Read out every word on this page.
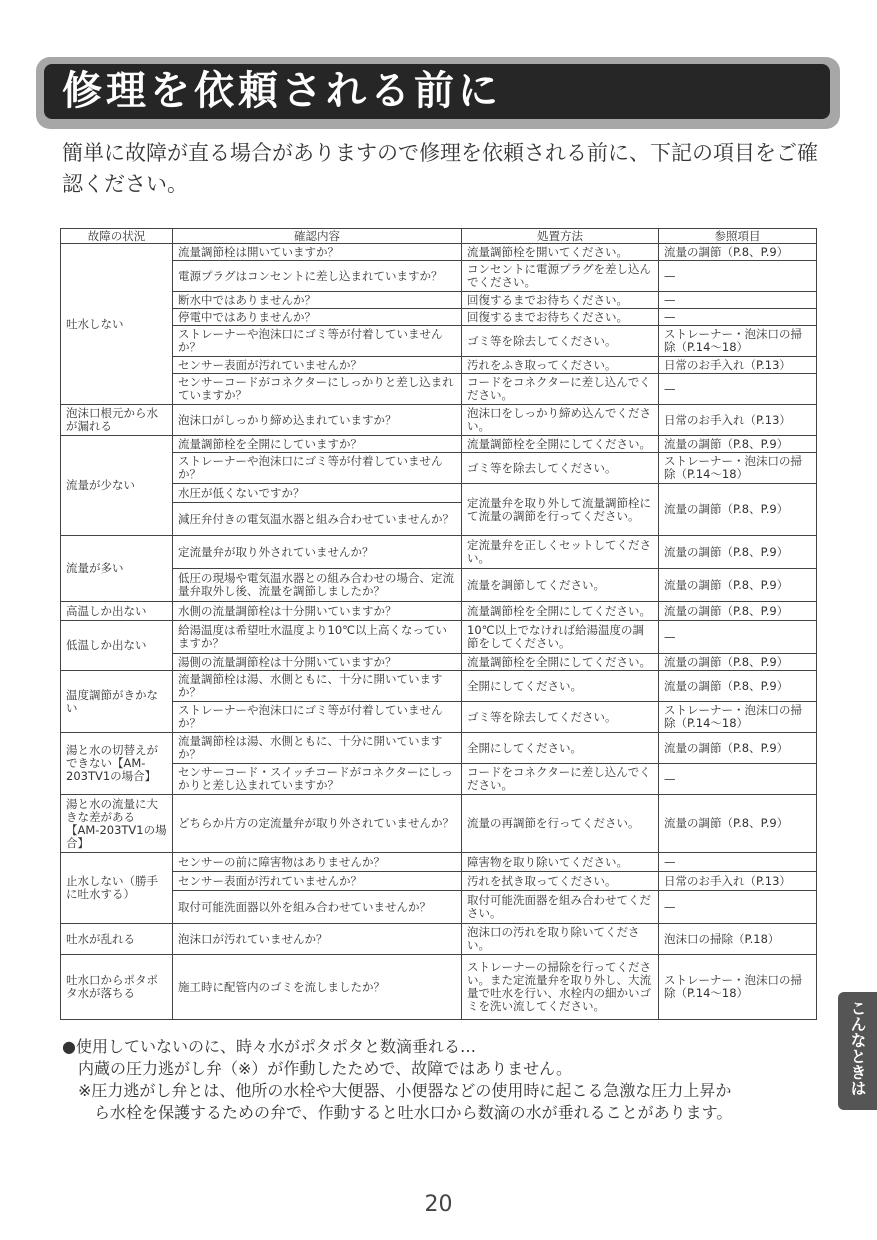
修理を依頼される前に

簡単に故障が直る場合がありますので修理を依頼される前に、下記の項目をご確認ください。

故障の状況	確認内容	処置方法	参照項目
吐水しない	流量調節栓は開いていますか？	流量調節栓を開いてください。	流量の調節（P.8、P.9）
	電源プラグはコンセントに差し込まれていますか？	コンセントに電源プラグを差し込んでください。	—
	断水中ではありませんか？	回復するまでお待ちください。	—
	停電中ではありませんか？	回復するまでお待ちください。	—
	ストレーナーや泡沫口にゴミ等が付着していませんか？	ゴミ等を除去してください。	ストレーナー・泡沫口の掃除（P.14〜18）
	センサー表面が汚れていませんか？	汚れをふき取ってください。	日常のお手入れ（P.13）
	センサーコードがコネクターにしっかりと差し込まれていますか？	コードをコネクターに差し込んでください。	—
泡沫口根元から水が漏れる	泡沫口がしっかり締め込まれていますか？	泡沫口をしっかり締め込んでください。	日常のお手入れ（P.13）
流量が少ない	流量調節栓を全開にしていますか？	流量調節栓を全開にしてください。	流量の調節（P.8、P.9）
	ストレーナーや泡沫口にゴミ等が付着していませんか？	ゴミ等を除去してください。	ストレーナー・泡沫口の掃除（P.14〜18）
	水圧が低くないですか？	定流量弁を取り外して流量調節栓にて流量の調節を行ってください。	流量の調節（P.8、P.9）
	減圧弁付きの電気温水器と組み合わせていませんか？		
流量が多い	定流量弁が取り外されていませんか？	定流量弁を正しくセットしてください。	流量の調節（P.8、P.9）
	低圧の現場や電気温水器との組み合わせの場合、定流量弁取外し後、流量を調節しましたか？	流量を調節してください。	流量の調節（P.8、P.9）
高温しか出ない	水側の流量調節栓は十分開いていますか？	流量調節栓を全開にしてください。	流量の調節（P.8、P.9）
低温しか出ない	給湯温度は希望吐水温度より10℃以上高くなっていますか？	10℃以上でなければ給湯温度の調節をしてください。	—
	湯側の流量調節栓は十分開いていますか？	流量調節栓を全開にしてください。	流量の調節（P.8、P.9）
温度調節がきかない	流量調節栓は湯、水側ともに、十分に開いていますか？	全開にしてください。	流量の調節（P.8、P.9）
	ストレーナーや泡沫口にゴミ等が付着していませんか？	ゴミ等を除去してください。	ストレーナー・泡沫口の掃除（P.14〜18）
湯と水の切替えができない【AM-203TV1の場合】	流量調節栓は湯、水側ともに、十分に開いていますか？	全開にしてください。	流量の調節（P.8、P.9）
	センサーコード・スイッチコードがコネクターにしっかりと差し込まれていますか？	コードをコネクターに差し込んでください。	—
湯と水の流量に大きな差がある【AM-203TV1の場合】	どちらか片方の定流量弁が取り外されていませんか？	流量の再調節を行ってください。	流量の調節（P.8、P.9）
止水しない（勝手に吐水する）	センサーの前に障害物はありませんか？	障害物を取り除いてください。	—
	センサー表面が汚れていませんか？	汚れを拭き取ってください。	日常のお手入れ（P.13）
	取付可能洗面器以外を組み合わせていませんか？	取付可能洗面器を組み合わせてください。	—
吐水が乱れる	泡沫口が汚れていませんか？	泡沫口の汚れを取り除いてください。	泡沫口の掃除（P.18）
吐水口からポタポタ水が落ちる	施工時に配管内のゴミを流しましたか？	ストレーナーの掃除を行ってください。また定流量弁を取り外し、大流量で吐水を行い、水栓内の細かいゴミを洗い流してください。	ストレーナー・泡沫口の掃除（P.14〜18）

●使用していないのに、時々水がポタポタと数滴垂れる…

内蔵の圧力逃がし弁（※）が作動したためで、故障ではありません。

※圧力逃がし弁とは、他所の水栓や大便器、小便器などの使用時に起こる急激な圧力上昇か

ら水栓を保護するための弁で、作動すると吐水口から数滴の水が垂れることがあります。

こんなときは
20
